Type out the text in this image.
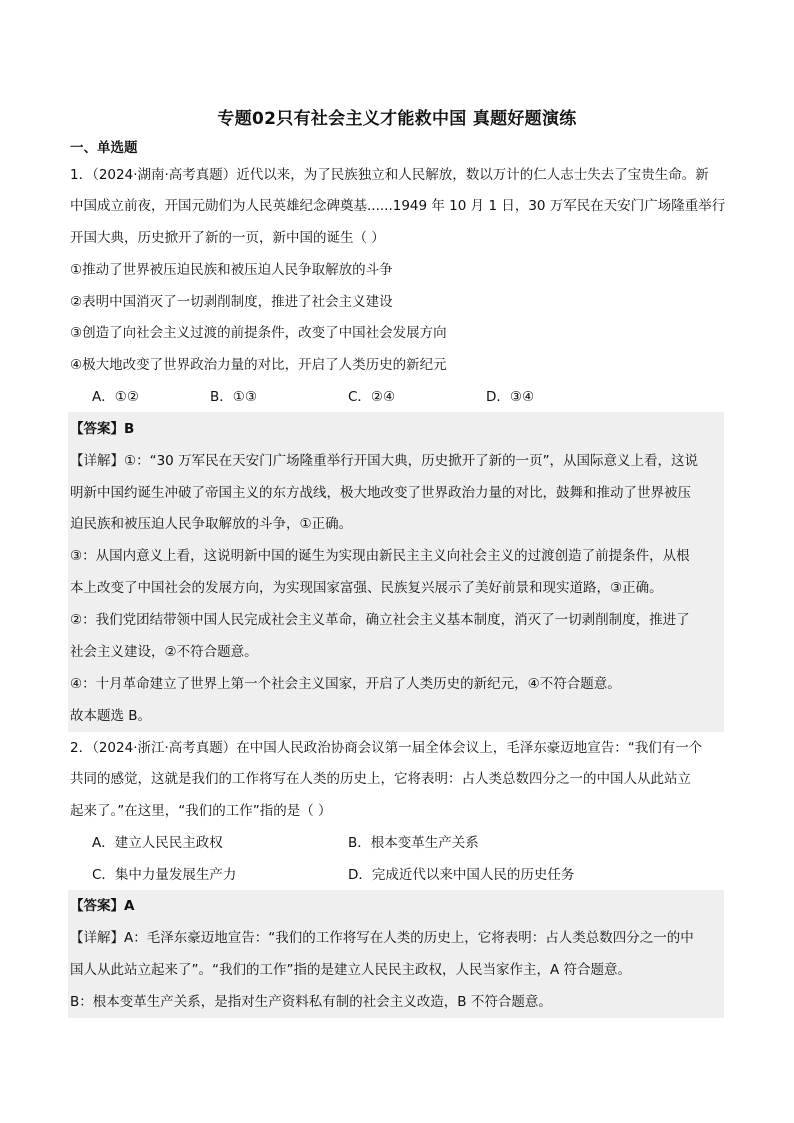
专题02只有社会主义才能救中国 真题好题演练
一、单选题
1．（2024·湖南·高考真题）近代以来，为了民族独立和人民解放，数以万计的仁人志士失去了宝贵生命。新
中国成立前夜，开国元勋们为人民英雄纪念碑奠基......1949 年 10 月 1 日，30 万军民在天安门广场隆重举行
开国大典，历史掀开了新的一页，新中国的诞生（ ）
①推动了世界被压迫民族和被压迫人民争取解放的斗争
②表明中国消灭了一切剥削制度，推进了社会主义建设
③创造了向社会主义过渡的前提条件，改变了中国社会发展方向
④极大地改变了世界政治力量的对比，开启了人类历史的新纪元
A．①②	B．①③	C．②④	D．③④
【答案】B
【详解】①：“30 万军民在天安门广场隆重举行开国大典，历史掀开了新的一页”，从国际意义上看，这说
明新中国约诞生冲破了帝国主义的东方战线，极大地改变了世界政治力量的对比，鼓舞和推动了世界被压
迫民族和被压迫人民争取解放的斗争，①正确。
③：从国内意义上看，这说明新中国的诞生为实现由新民主主义向社会主义的过渡创造了前提条件，从根
本上改变了中国社会的发展方向，为实现国家富强、民族复兴展示了美好前景和现实道路，③正确。
②：我们党团结带领中国人民完成社会主义革命，确立社会主义基本制度，消灭了一切剥削制度，推进了
社会主义建设，②不符合题意。
④：十月革命建立了世界上第一个社会主义国家，开启了人类历史的新纪元，④不符合题意。
故本题选 B。
2．（2024·浙江·高考真题）在中国人民政治协商会议第一届全体会议上，毛泽东豪迈地宣告：“我们有一个
共同的感觉，这就是我们的工作将写在人类的历史上，它将表明：占人类总数四分之一的中国人从此站立
起来了。”在这里，“我们的工作”指的是（ ）
A．建立人民民主政权	B．根本变革生产关系
C．集中力量发展生产力	D．完成近代以来中国人民的历史任务
【答案】A
【详解】A：毛泽东豪迈地宣告：“我们的工作将写在人类的历史上，它将表明：占人类总数四分之一的中
国人从此站立起来了”。“我们的工作”指的是建立人民民主政权，人民当家作主，A 符合题意。
B：根本变革生产关系，是指对生产资料私有制的社会主义改造，B 不符合题意。
